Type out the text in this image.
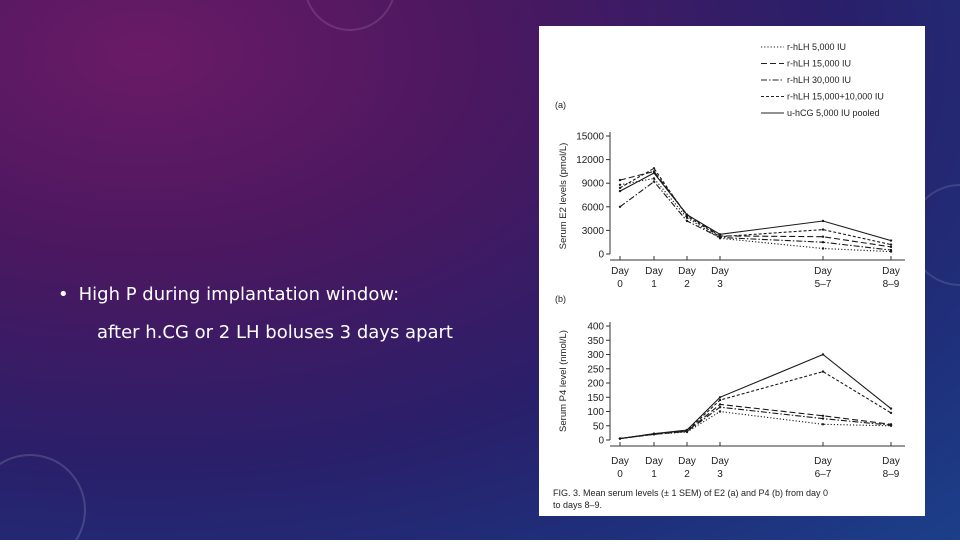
• High P during implantation window:
after h.CG or 2 LH boluses 3 days apart
(a)
0
3000
6000
9000
12000
15000
Serum E2 levels (pmol/L)
Day
0
Day
1
Day
2
Day
3
Day
5–7
Day
8–9
(b)
0
50
100
150
200
250
300
350
400
Serum P4 level (nmol/L)
Day
0
Day
1
Day
2
Day
3
Day
6–7
Day
8–9
r-hLH 5,000 IU
r-hLH 15,000 IU
r-hLH 30,000 IU
r-hLH 15,000+10,000 IU
u-hCG 5,000 IU pooled
FIG. 3. Mean serum levels (± 1 SEM) of E2 (a) and P4 (b) from day 0 to days 8–9.
